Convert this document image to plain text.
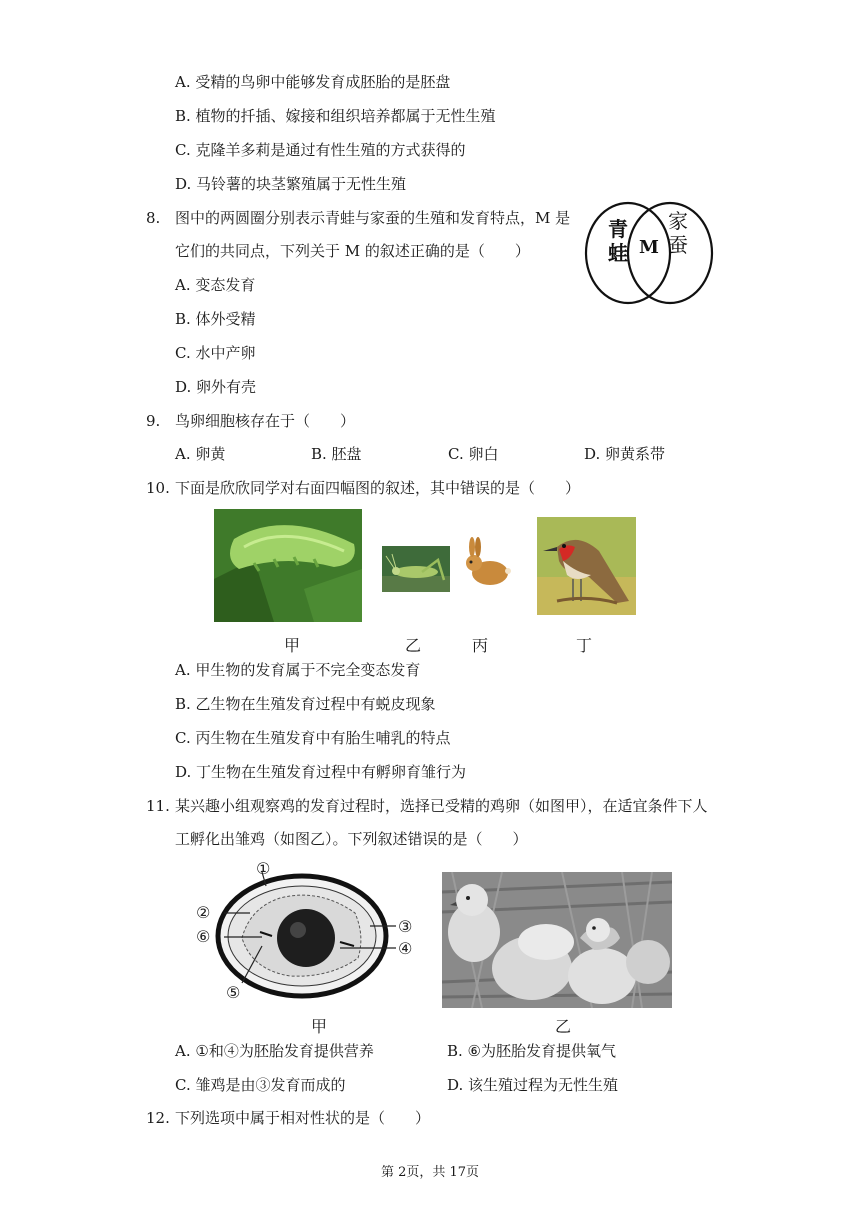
A. 受精的鸟卵中能够发育成胚胎的是胚盘
B. 植物的扦插、嫁接和组织培养都属于无性生殖
C. 克隆羊多莉是通过有性生殖的方式获得的
D. 马铃薯的块茎繁殖属于无性生殖
8. 图中的两圆圈分别表示青蛙与家蚕的生殖和发育特点，M 是
它们的共同点，下列关于 M 的叙述正确的是（　　）
A. 变态发育
B. 体外受精
C. 水中产卵
D. 卵外有壳
青
蛙 M
家
蚕
9. 鸟卵细胞核存在于（　　）
A. 卵黄	B. 胚盘	C. 卵白	D. 卵黄系带
10. 下面是欣欣同学对右面四幅图的叙述，其中错误的是（　　）
甲	乙	丙	丁
A. 甲生物的发育属于不完全变态发育
B. 乙生物在生殖发育过程中有蜕皮现象
C. 丙生物在生殖发育中有胎生哺乳的特点
D. 丁生物在生殖发育过程中有孵卵育雏行为
11. 某兴趣小组观察鸡的发育过程时，选择已受精的鸡卵（如图甲），在适宜条件下人
工孵化出雏鸡（如图乙）。下列叙述错误的是（　　）
①
②
⑥
⑤
③
④
甲	乙
A. ①和④为胚胎发育提供营养	B. ⑥为胚胎发育提供氧气
C. 雏鸡是由③发育而成的	D. 该生殖过程为无性生殖
12. 下列选项中属于相对性状的是（　　）
第 2页，共 17页
